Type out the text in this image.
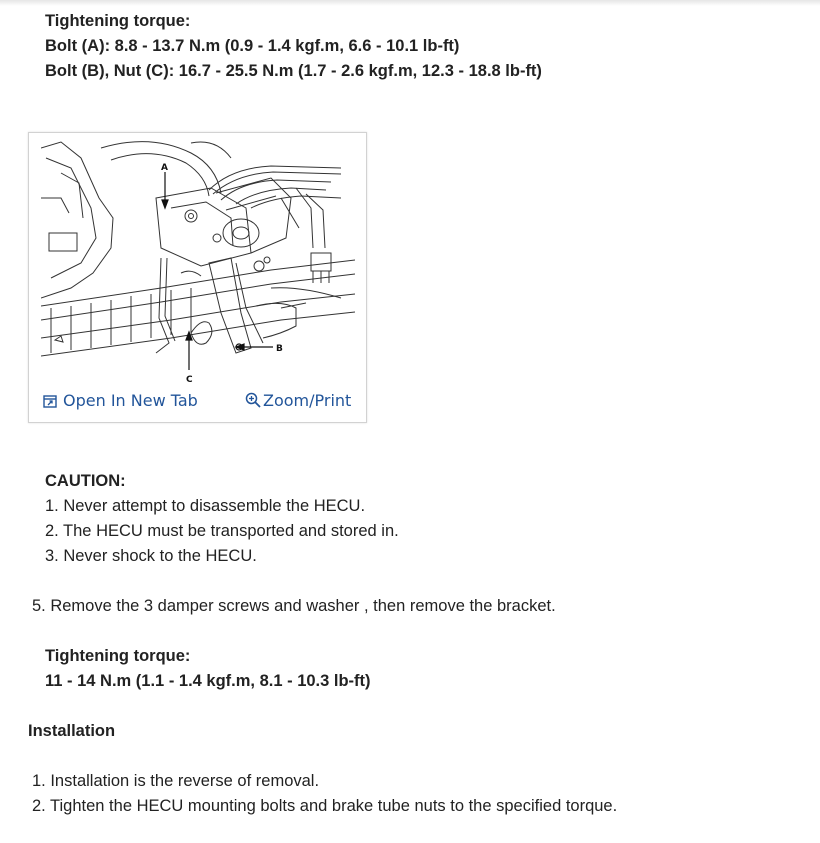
Tightening torque:
Bolt (A): 8.8 - 13.7 N.m (0.9 - 1.4 kgf.m, 6.6 - 10.1 lb-ft)
Bolt (B), Nut (C): 16.7 - 25.5 N.m (1.7 - 2.6 kgf.m, 12.3 - 18.8 lb-ft)
A
C
B
Open In New Tab	Zoom/Print
CAUTION:
1. Never attempt to disassemble the HECU.
2. The HECU must be transported and stored in.
3. Never shock to the HECU.
5. Remove the 3 damper screws and washer , then remove the bracket.
Tightening torque:
11 - 14 N.m (1.1 - 1.4 kgf.m, 8.1 - 10.3 lb-ft)
Installation
1. Installation is the reverse of removal.
2. Tighten the HECU mounting bolts and brake tube nuts to the specified torque.
